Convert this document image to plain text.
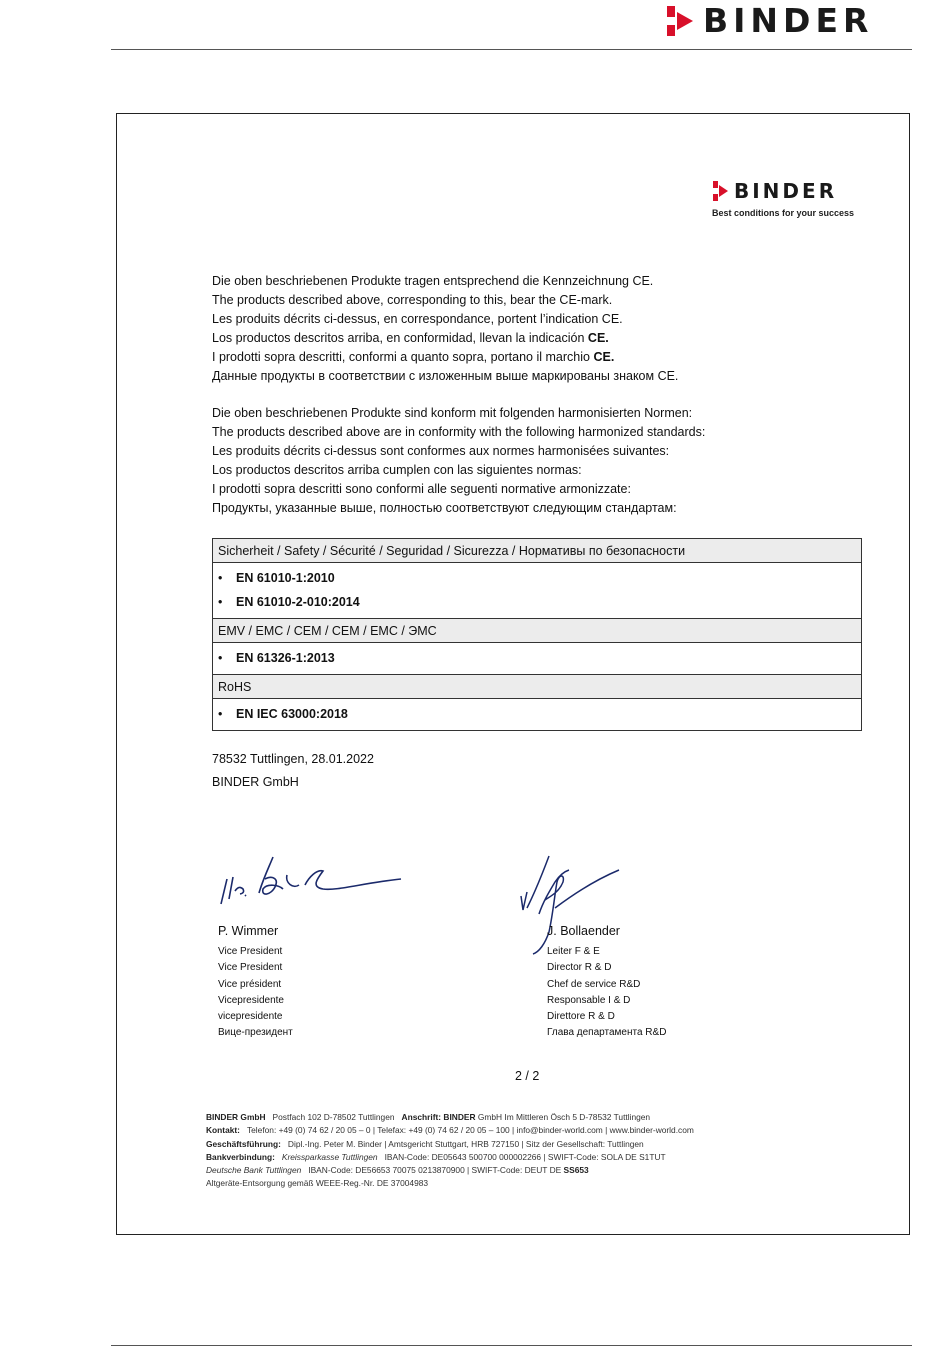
BINDER
BINDER
Best conditions for your success
Die oben beschriebenen Produkte tragen entsprechend die Kennzeichnung CE.
The products described above, corresponding to this, bear the CE-mark.
Les produits décrits ci-dessus, en correspondance, portent l’indication CE.
Los productos descritos arriba, en conformidad, llevan la indicación CE.
I prodotti sopra descritti, conformi a quanto sopra, portano il marchio CE.
Данные продукты в соответствии с изложенным выше маркированы знаком CE.
Die oben beschriebenen Produkte sind konform mit folgenden harmonisierten Normen:
The products described above are in conformity with the following harmonized standards:
Les produits décrits ci-dessus sont conformes aux normes harmonisées suivantes:
Los productos descritos arriba cumplen con las siguientes normas:
I prodotti sopra descritti sono conformi alle seguenti normative armonizzate:
Продукты, указанные выше, полностью соответствуют следующим стандартам:
Sicherheit / Safety / Sécurité / Seguridad / Sicurezza / Нормативы по безопасности
• EN 61010-1:2010
• EN 61010-2-010:2014
EMV / EMC / CEM / CEM / EMC / ЭМС
• EN 61326-1:2013
RoHS
• EN IEC 63000:2018
78532 Tuttlingen, 28.01.2022
BINDER GmbH
P. Wimmer
Vice President
Vice President
Vice président
Vicepresidente
vicepresidente
Вице-президент
J. Bollaender
Leiter F & E
Director R & D
Chef de service R&D
Responsable I & D
Direttore R & D
Глава департамента R&D
2 / 2
BINDER GmbH Postfach 102 D-78502 Tuttlingen Anschrift: BINDER GmbH Im Mittleren Ösch 5 D-78532 Tuttlingen
Kontakt: Telefon: +49 (0) 74 62 / 20 05 – 0 | Telefax: +49 (0) 74 62 / 20 05 – 100 | info@binder-world.com | www.binder-world.com
Geschäftsführung: Dipl.-Ing. Peter M. Binder | Amtsgericht Stuttgart, HRB 727150 | Sitz der Gesellschaft: Tuttlingen
Bankverbindung: Kreissparkasse Tuttlingen IBAN-Code: DE05643 500700 000002266 | SWIFT-Code: SOLA DE S1TUT
Deutsche Bank Tuttlingen IBAN-Code: DE56653 70075 0213870900 | SWIFT-Code: DEUT DE SS653
Altgeräte-Entsorgung gemäß WEEE-Reg.-Nr. DE 37004983
